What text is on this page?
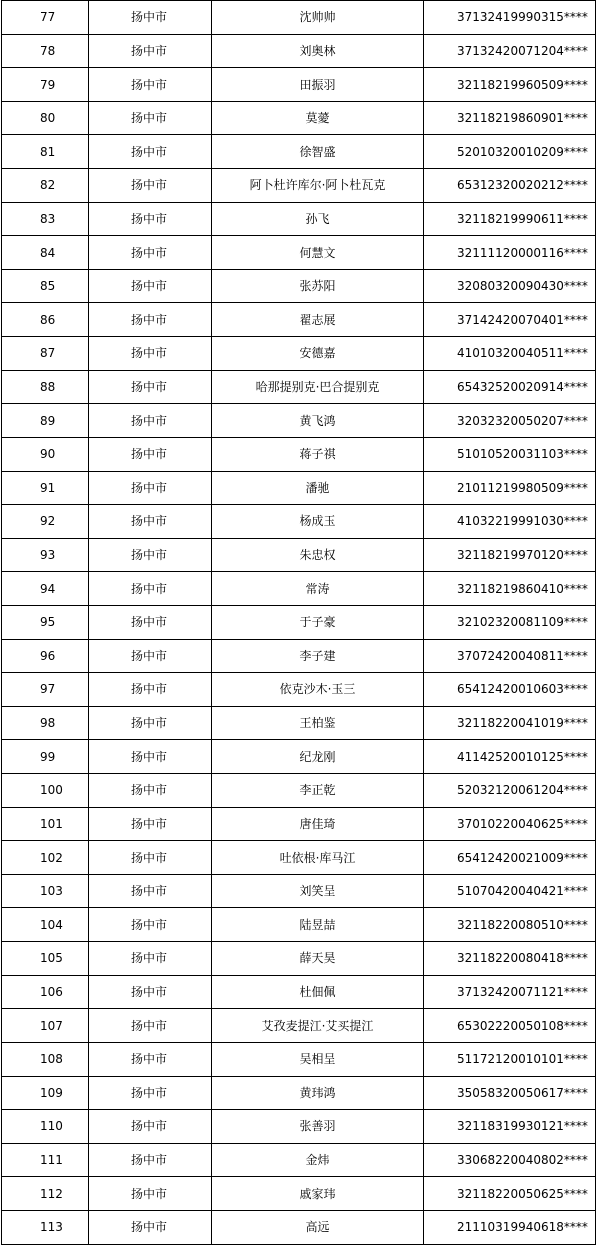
77	扬中市	沈帅帅	37132419990315****
78	扬中市	刘奥林	37132420071204****
79	扬中市	田振羽	32118219960509****
80	扬中市	莫薆	32118219860901****
81	扬中市	徐智盛	52010320010209****
82	扬中市	阿卜杜许库尔·阿卜杜瓦克	65312320020212****
83	扬中市	孙飞	32118219990611****
84	扬中市	何慧文	32111120000116****
85	扬中市	张苏阳	32080320090430****
86	扬中市	翟志展	37142420070401****
87	扬中市	安德嘉	41010320040511****
88	扬中市	哈那提别克·巴合提别克	65432520020914****
89	扬中市	黄飞鸿	32032320050207****
90	扬中市	蒋子祺	51010520031103****
91	扬中市	潘驰	21011219980509****
92	扬中市	杨成玉	41032219991030****
93	扬中市	朱忠权	32118219970120****
94	扬中市	常涛	32118219860410****
95	扬中市	于子豪	32102320081109****
96	扬中市	李子建	37072420040811****
97	扬中市	依克沙木·玉三	65412420010603****
98	扬中市	王柏鉴	32118220041019****
99	扬中市	纪龙刚	41142520010125****
100	扬中市	李正乾	52032120061204****
101	扬中市	唐佳琦	37010220040625****
102	扬中市	吐依根·库马江	65412420021009****
103	扬中市	刘笑呈	51070420040421****
104	扬中市	陆昱喆	32118220080510****
105	扬中市	薛天昊	32118220080418****
106	扬中市	杜佃佩	37132420071121****
107	扬中市	艾孜麦提江·艾买提江	65302220050108****
108	扬中市	吴相呈	51172120010101****
109	扬中市	黄玮鸿	35058320050617****
110	扬中市	张善羽	32118319930121****
111	扬中市	金炜	33068220040802****
112	扬中市	戚家玮	32118220050625****
113	扬中市	高远	21110319940618****
